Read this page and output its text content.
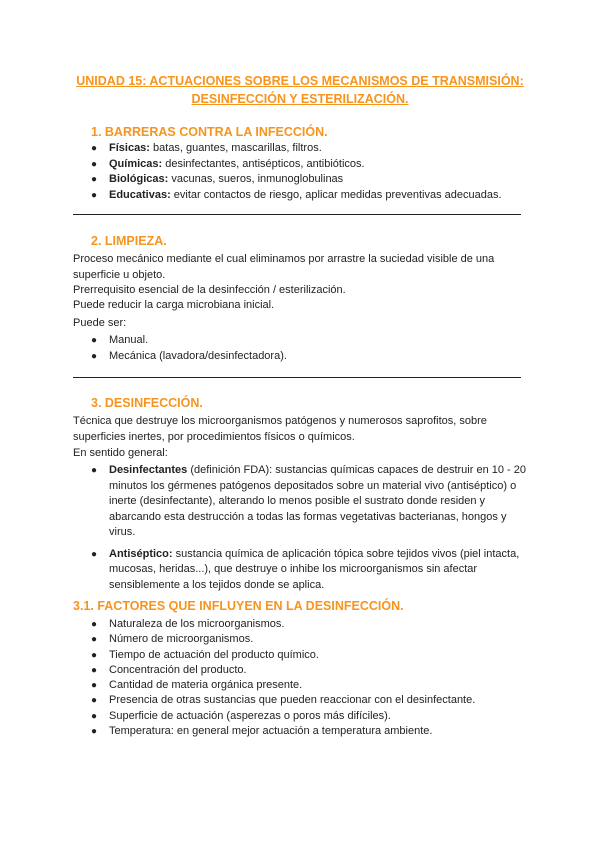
UNIDAD 15: ACTUACIONES SOBRE LOS MECANISMOS DE TRANSMISIÓN:
DESINFECCIÓN Y ESTERILIZACIÓN.
1. BARRERAS CONTRA LA INFECCIÓN.
● Físicas: batas, guantes, mascarillas, filtros.
● Químicas: desinfectantes, antisépticos, antibióticos.
● Biológicas: vacunas, sueros, inmunoglobulinas
● Educativas: evitar contactos de riesgo, aplicar medidas preventivas adecuadas.
2. LIMPIEZA.
Proceso mecánico mediante el cual eliminamos por arrastre la suciedad visible de una superficie u objeto.
Prerrequisito esencial de la desinfección / esterilización.
Puede reducir la carga microbiana inicial.
Puede ser:
● Manual.
● Mecánica (lavadora/desinfectadora).
3. DESINFECCIÓN.
Técnica que destruye los microorganismos patógenos y numerosos saprofitos, sobre superficies inertes, por procedimientos físicos o químicos.
En sentido general:
● Desinfectantes (definición FDA): sustancias químicas capaces de destruir en 10 - 20 minutos los gérmenes patógenos depositados sobre un material vivo (antiséptico) o inerte (desinfectante), alterando lo menos posible el sustrato donde residen y abarcando esta destrucción a todas las formas vegetativas bacterianas, hongos y virus.
● Antiséptico: sustancia química de aplicación tópica sobre tejidos vivos (piel intacta, mucosas, heridas...), que destruye o inhibe los microorganismos sin afectar sensiblemente a los tejidos donde se aplica.
3.1. FACTORES QUE INFLUYEN EN LA DESINFECCIÓN.
● Naturaleza de los microorganismos.
● Número de microorganismos.
● Tiempo de actuación del producto químico.
● Concentración del producto.
● Cantidad de materia orgánica presente.
● Presencia de otras sustancias que pueden reaccionar con el desinfectante.
● Superficie de actuación (asperezas o poros más difíciles).
● Temperatura: en general mejor actuación a temperatura ambiente.
